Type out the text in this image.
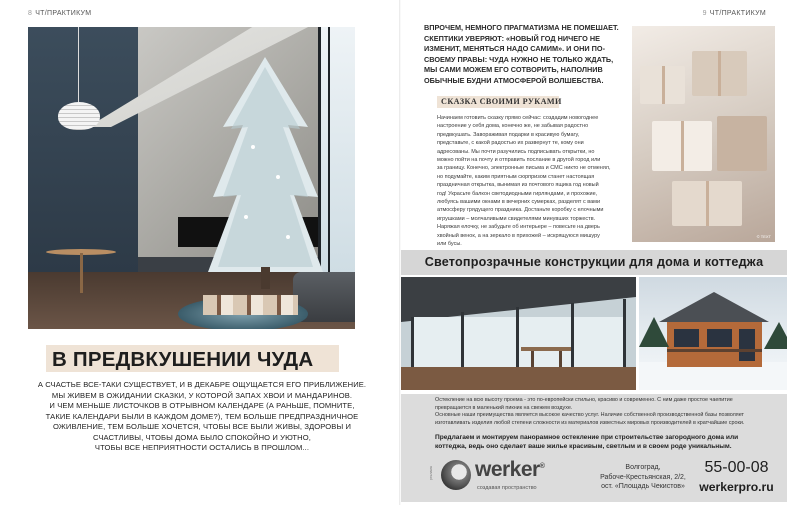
8 ЧТ/ПРАКТИКУМ
В ПРЕДВКУШЕНИИ ЧУДА
А СЧАСТЬЕ ВСЕ-ТАКИ СУЩЕСТВУЕТ, И В ДЕКАБРЕ ОЩУЩАЕТСЯ ЕГО ПРИБЛИЖЕНИЕ.
МЫ ЖИВЕМ В ОЖИДАНИИ СКАЗКИ, У КОТОРОЙ ЗАПАХ ХВОИ И МАНДАРИНОВ.
И ЧЕМ МЕНЬШЕ ЛИСТОЧКОВ В ОТРЫВНОМ КАЛЕНДАРЕ (А РАНЬШЕ, ПОМНИТЕ,
ТАКИЕ КАЛЕНДАРИ БЫЛИ В КАЖДОМ ДОМЕ?), ТЕМ БОЛЬШЕ ПРЕДПРАЗДНИЧНОЕ
ОЖИВЛЕНИЕ, ТЕМ БОЛЬШЕ ХОЧЕТСЯ, ЧТОБЫ ВСЕ БЫЛИ ЖИВЫ, ЗДОРОВЫ И
СЧАСТЛИВЫ, ЧТОБЫ ДОМА БЫЛО СПОКОЙНО И УЮТНО,
ЧТОБЫ ВСЕ НЕПРИЯТНОСТИ ОСТАЛИСЬ В ПРОШЛОМ...
9 ЧТ/ПРАКТИКУМ
ВПРОЧЕМ, НЕМНОГО ПРАГМАТИЗМА НЕ ПОМЕШАЕТ.
СКЕПТИКИ УВЕРЯЮТ: «НОВЫЙ ГОД НИЧЕГО НЕ
ИЗМЕНИТ, МЕНЯТЬСЯ НАДО САМИМ». И ОНИ ПО-
СВОЕМУ ПРАВЫ: ЧУДА НУЖНО НЕ ТОЛЬКО ЖДАТЬ,
МЫ САМИ МОЖЕМ ЕГО СОТВОРИТЬ, НАПОЛНИВ
ОБЫЧНЫЕ БУДНИ АТМОСФЕРОЙ ВОЛШЕБСТВА.
© ТЕХТ
СКАЗКА СВОИМИ РУКАМИ
Начинаем готовить сказку прямо сейчас: создадим новогоднее
настроение у себя дома, конечно же, не забывая радостно
предвкушать. Завораживая подарки в красивую бумагу,
представьте, с какой радостью их развернут те, кому они
адресованы. Мы почти разучились подписывать открытки, но
можно пойти на почту и отправить послание в другой город или
за границу. Конечно, электронные письма и СМС никто не отменял,
но подумайте, каким приятным сюрпризом станет настоящая
праздничная открытка, вынимая из почтового ящика год новый
год! Украсьте балкон светодиодными гирляндами, и прохожие,
любуясь вашими окнами в вечерних сумерках, разделят с вами
атмосферу грядущего праздника. Достаньте коробку с елочными
игрушками – молчаливыми свидетелями минувших торжеств.
Наряжая елочку, не забудьте об интерьере – повесьте на дверь
хвойный венок, а на зеркало в прихожей – искрящуюся мишуру
или бусы.
Светопрозрачные конструкции для дома и коттеджа
Остекление на всю высоту проема - это по-европейски стильно, красиво и современно. С ним даже простое чаепитие
превращается в маленький пикник на свежем воздухе.
Основные наши преимущества является высокое качество услуг. Наличие собственной производственной базы позволяет
изготавливать изделия любой степени сложности из материалов известных мировых производителей в кратчайшие сроки.
Предлагаем и монтируем панорамное остекление при строительстве загородного дома или
коттеджа, ведь оно сделает ваше жилье красивым, светлым и в своем роде уникальным.
werker®
создавая пространство
Волгоград,
Рабоче-Крестьянская, 2/2,
ост. «Площадь Чекистов»
55-00-08
werkerpro.ru
реклама
